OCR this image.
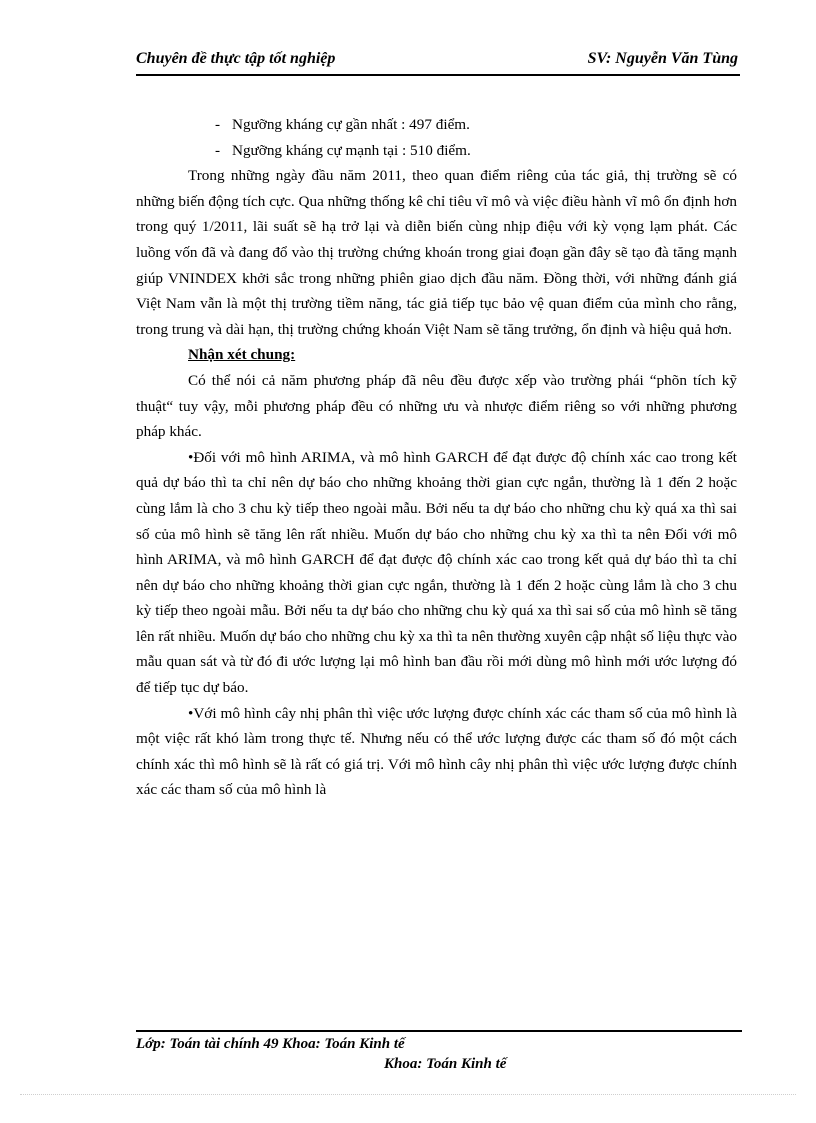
Chuyên đề thực tập tốt nghiệp	SV: Nguyễn Văn Tùng

- Ngưỡng kháng cự gần nhất : 497 điểm.

- Ngưỡng kháng cự mạnh tại : 510 điểm.

Trong những ngày đầu năm 2011, theo quan điểm riêng của tác giả, thị trường sẽ có những biến động tích cực. Qua những thống kê chỉ tiêu vĩ mô và việc điều hành vĩ mô ổn định hơn trong quý 1/2011, lãi suất sẽ hạ trở lại và diễn biến cùng nhịp điệu với kỳ vọng lạm phát. Các luồng vốn đã và đang đổ vào thị trường chứng khoán trong giai đoạn gần đây sẽ tạo đà tăng mạnh giúp VNINDEX khởi sắc trong những phiên giao dịch đầu năm. Đồng thời, với những đánh giá Việt Nam vẫn là một thị trường tiềm năng, tác giả tiếp tục bảo vệ quan điểm của mình cho rằng, trong trung và dài hạn, thị trường chứng khoán Việt Nam sẽ tăng trưởng, ổn định và hiệu quả hơn.

Nhận xét chung:

Có thể nói cả năm phương pháp đã nêu đều được xếp vào trường phái “phõn tích kỹ thuật“ tuy vậy, mỗi phương pháp đều có những ưu và nhược điểm riêng so với những phương pháp khác.

•Đối với mô hình ARIMA, và mô hình GARCH để đạt được độ chính xác cao trong kết quả dự báo thì ta chỉ nên dự báo cho những khoảng thời gian cực ngắn, thường là 1 đến 2 hoặc cùng lắm là cho 3 chu kỳ tiếp theo ngoài mẫu. Bởi nếu ta dự báo cho những chu kỳ quá xa thì sai số của mô hình sẽ tăng lên rất nhiều. Muốn dự báo cho những chu kỳ xa thì ta nên Đối với mô hình ARIMA, và mô hình GARCH để đạt được độ chính xác cao trong kết quả dự báo thì ta chỉ nên dự báo cho những khoảng thời gian cực ngắn, thường là 1 đến 2 hoặc cùng lắm là cho 3 chu kỳ tiếp theo ngoài mẫu. Bởi nếu ta dự báo cho những chu kỳ quá xa thì sai số của mô hình sẽ tăng lên rất nhiều. Muốn dự báo cho những chu kỳ xa thì ta nên thường xuyên cập nhật số liệu thực vào mẫu quan sát và từ đó đi ước lượng lại mô hình ban đầu rồi mới dùng mô hình mới ước lượng đó để tiếp tục dự báo.

•Với mô hình cây nhị phân thì việc ước lượng được chính xác các tham số của mô hình là một việc rất khó làm trong thực tế. Nhưng nếu có thể ước lượng được các tham số đó một cách chính xác thì mô hình sẽ là rất có giá trị. Với mô hình cây nhị phân thì việc ước lượng được chính xác các tham số của mô hình là

Lớp: Toán tài chính 49 Khoa: Toán Kinh tế
Khoa: Toán Kinh tế
